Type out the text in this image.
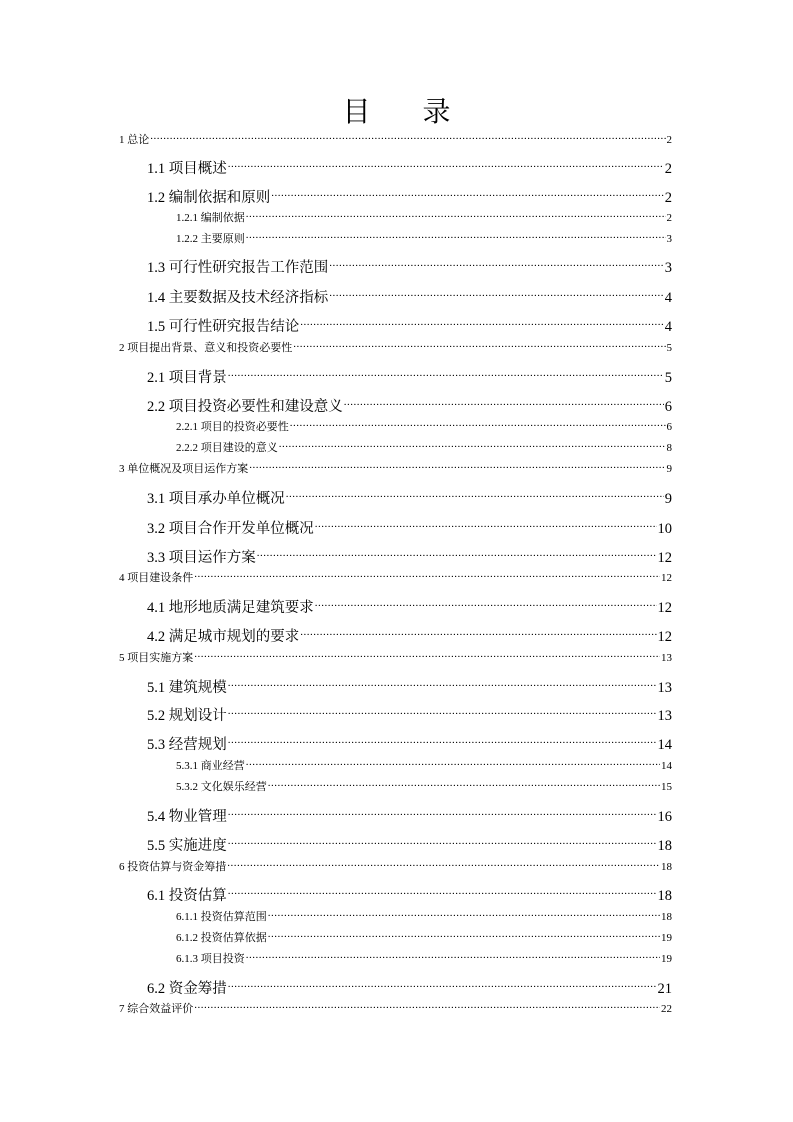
目 录
1 总论 .....	2
1.1 项目概述 .....	2
1.2 编制依据和原则 .....	2
1.2.1 编制依据 .....	2
1.2.2 主要原则 .....	3
1.3 可行性研究报告工作范围 .....	3
1.4 主要数据及技术经济指标 .....	4
1.5 可行性研究报告结论 .....	4
2 项目提出背景、意义和投资必要性 .....	5
2.1 项目背景 .....	5
2.2 项目投资必要性和建设意义 .....	6
2.2.1 项目的投资必要性 .....	6
2.2.2 项目建设的意义 .....	8
3 单位概况及项目运作方案 .....	9
3.1 项目承办单位概况 .....	9
3.2 项目合作开发单位概况 .....	10
3.3 项目运作方案 .....	12
4 项目建设条件 .....	12
4.1 地形地质满足建筑要求 .....	12
4.2 满足城市规划的要求 .....	12
5 项目实施方案 .....	13
5.1 建筑规模 .....	13
5.2 规划设计 .....	13
5.3 经营规划 .....	14
5.3.1 商业经营 .....	14
5.3.2 文化娱乐经营 .....	15
5.4 物业管理 .....	16
5.5 实施进度 .....	18
6 投资估算与资金筹措 .....	18
6.1 投资估算 .....	18
6.1.1 投资估算范围 .....	18
6.1.2 投资估算依据 .....	19
6.1.3 项目投资 .....	19
6.2 资金筹措 .....	21
7 综合效益评价 .....	22
